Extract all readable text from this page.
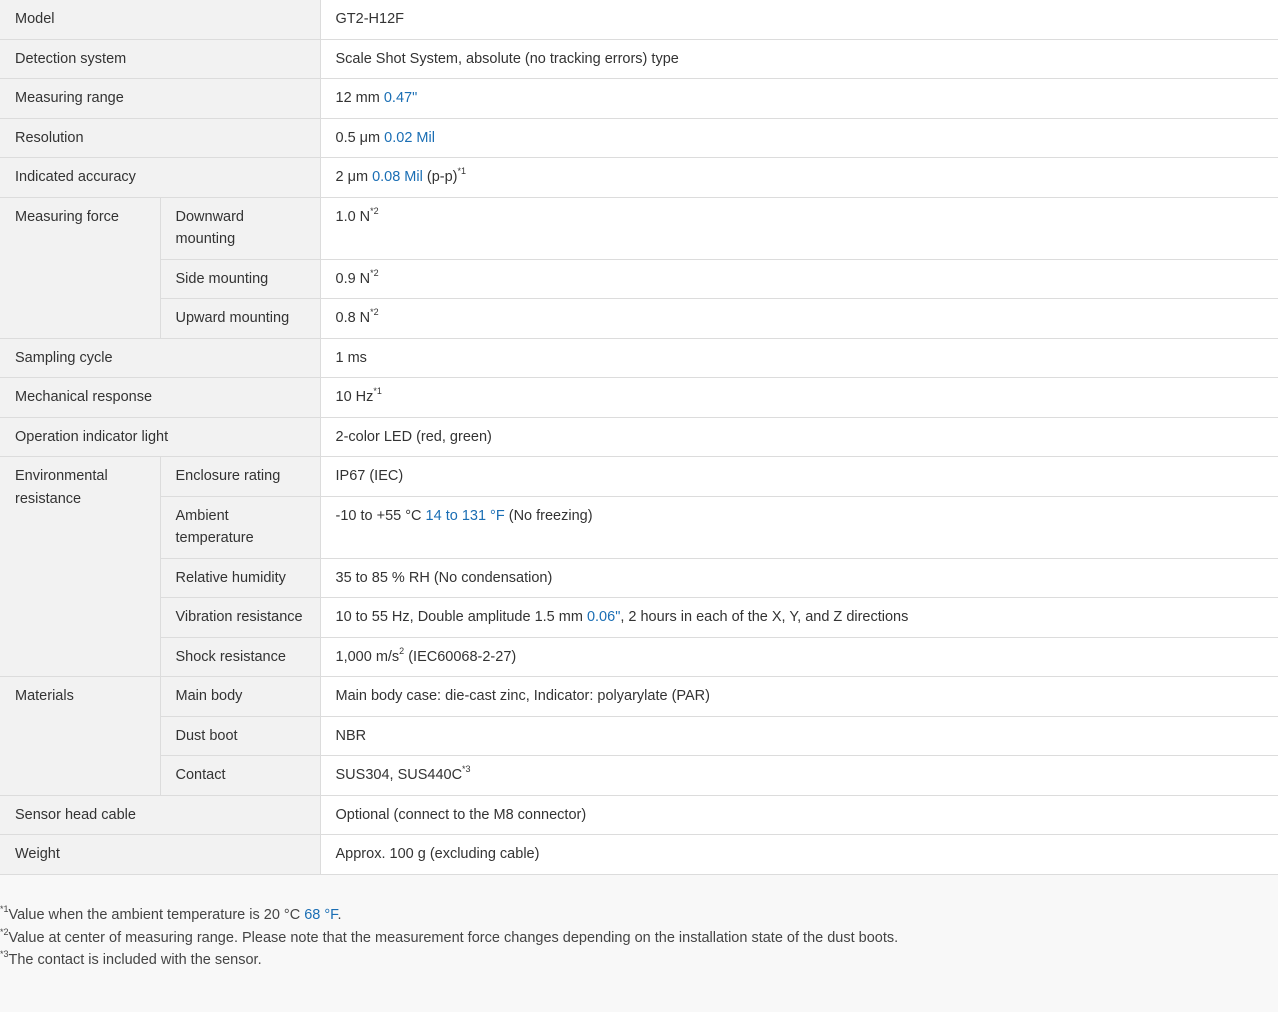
Model		GT2-H12F
Detection system		Scale Shot System, absolute (no tracking errors) type
Measuring range		12 mm 0.47"
Resolution		0.5 μm 0.02 Mil
Indicated accuracy		2 μm 0.08 Mil $(p-p)^{*1}$
Measuring force	Downward mounting	1.0 $N^{*2}$
	Side mounting	0.9 $N^{*2}$
	Upward mounting	0.8 $N^{*2}$
Sampling cycle		1 ms
Mechanical response		10 Hz$^{*1}$
Operation indicator light		2-color LED (red, green)
Environmental resistance	Enclosure rating	IP67 (IEC)
	Ambient temperature	-10 to +55 °C 14 to 131 °F (No freezing)
	Relative humidity	35 to 85 % RH (No condensation)
	Vibration resistance	10 to 55 Hz, Double amplitude 1.5 mm 0.06", 2 hours in each of the X, Y, and Z directions
	Shock resistance	1,000 $m/s^2$ (IEC60068-2-27)
Materials	Main body	Main body case: die-cast zinc, Indicator: polyarylate (PAR)
	Dust boot	NBR
	Contact	SUS304, $SUS440C^{*3}$
Sensor head cable		Optional (connect to the M8 connector)
Weight		Approx. 100 g (excluding cable)
$^{*1}$Value when the ambient temperature is 20 °C 68 °F.
$^{*2}$Value at center of measuring range. Please note that the measurement force changes depending on the installation state of the dust boots.
$^{*3}$The contact is included with the sensor.
